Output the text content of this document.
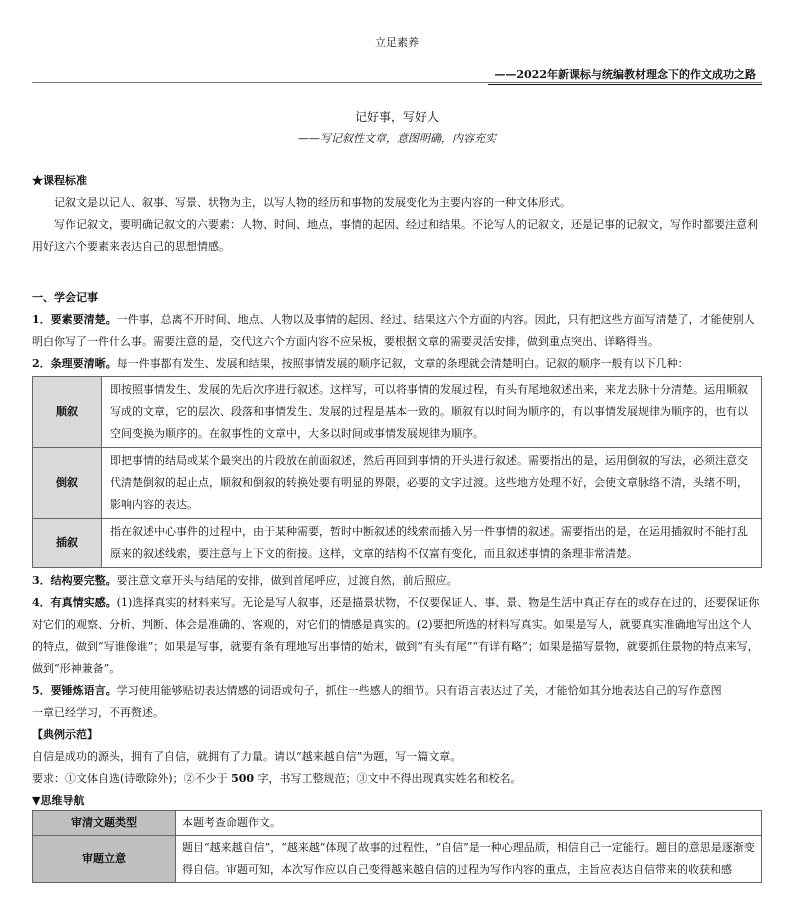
立足素养
——2022年新课标与统编教材理念下的作文成功之路
记好事，写好人
——写记叙性文章，意图明确，内容充实
★课程标准
记叙文是以记人、叙事、写景、状物为主，以写人物的经历和事物的发展变化为主要内容的一种文体形式。
写作记叙文，要明确记叙文的六要素：人物、时间、地点，事情的起因、经过和结果。不论写人的记叙文，还是记事的记叙文，写作时都要注意利用好这六个要素来表达自己的思想情感。
一、学会记事
1．要素要清楚。一件事，总离不开时间、地点、人物以及事情的起因、经过、结果这六个方面的内容。因此，只有把这些方面写清楚了，才能使别人明白你写了一件什么事。需要注意的是，交代这六个方面内容不应呆板，要根据文章的需要灵活安排，做到重点突出、详略得当。
2．条理要清晰。每一件事都有发生、发展和结果，按照事情发展的顺序记叙，文章的条理就会清楚明白。记叙的顺序一般有以下几种：
顺叙	即按照事情发生、发展的先后次序进行叙述。这样写，可以将事情的发展过程，有头有尾地叙述出来，来龙去脉十分清楚。运用顺叙写成的文章，它的层次、段落和事情发生、发展的过程是基本一致的。顺叙有以时间为顺序的，有以事情发展规律为顺序的，也有以空间变换为顺序的。在叙事性的文章中，大多以时间或事情发展规律为顺序。
倒叙	即把事情的结局或某个最突出的片段放在前面叙述，然后再回到事情的开头进行叙述。需要指出的是，运用倒叙的写法，必须注意交代清楚倒叙的起止点，顺叙和倒叙的转换处要有明显的界限，必要的文字过渡。这些地方处理不好，会使文章脉络不清，头绪不明，影响内容的表达。
插叙	指在叙述中心事件的过程中，由于某种需要，暂时中断叙述的线索而插入另一件事情的叙述。需要指出的是，在运用插叙时不能打乱原来的叙述线索，要注意与上下文的衔接。这样，文章的结构不仅富有变化，而且叙述事情的条理非常清楚。
3．结构要完整。要注意文章开头与结尾的安排，做到首尾呼应，过渡自然，前后照应。
4．有真情实感。(1)选择真实的材料来写。无论是写人叙事，还是描景状物，不仅要保证人、事、景、物是生活中真正存在的或存在过的，还要保证你对它们的观察、分析、判断、体会是准确的、客观的，对它们的情感是真实的。(2)要把所选的材料写真实。如果是写人，就要真实准确地写出这个人的特点，做到“写谁像谁”；如果是写事，就要有条有理地写出事情的始末，做到“有头有尾”“有详有略”；如果是描写景物，就要抓住景物的特点来写，做到“形神兼备”。
5．要锤炼语言。学习使用能够贴切表达情感的词语或句子，抓住一些感人的细节。只有语言表达过了关，才能恰如其分地表达自己的写作意图
一章已经学习，不再赘述。
【典例示范】
自信是成功的源头，拥有了自信，就拥有了力量。请以“越来越自信”为题，写一篇文章。
要求：①文体自选(诗歌除外)；②不少于 500 字，书写工整规范；③文中不得出现真实姓名和校名。
▼思维导航
审清文题类型	本题考查命题作文。
审题立意	题目“越来越自信”，“越来越”体现了故事的过程性，“自信”是一种心理品质，相信自己一定能行。题目的意思是逐渐变得自信。审题可知，本次写作应以自己变得越来越自信的过程为写作内容的重点，主旨应表达自信带来的收获和感
